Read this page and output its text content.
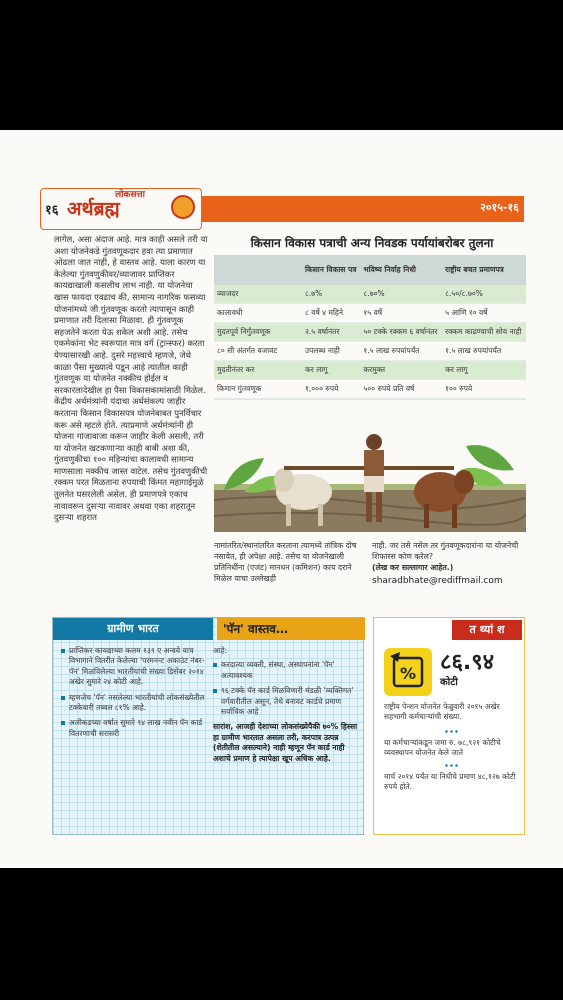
१६
लोकसत्ता
अर्थब्रह्म	२०१५-१६

लागेल, असा अंदाज आहे. मात्र काही असले तरी या अशा योजनेकडे गुंतवणूकदार हवा त्या प्रमाणात ओढला जात नाही, हे वास्तव आहे. याला कारण या केलेल्या गुंतवणुकीवर/व्याजावर प्राप्तिकर कायद्याखाली कसलीच लाभ नाही. या योजनेचा खास फायदा एवढाच की, सामान्य नागरिक फसव्या योजनांमध्ये जी गुंतवणूक करतो त्यापासून काही प्रमाणात तरी दिलासा मिळावा. ही गुंतवणूक सहजतेने करता येऊ शकेल अशी आहे. तसेच एकमेकांना भेट स्वरूपात मात्र वर्ग (ट्रान्स्फर) करता येण्यासारखी आहे. दुसरे महत्त्वाचे म्हणजे, जेथे काळा पैसा मुख्यात्वे पडून आहे त्यातील काही गुंतवणूक या योजनेत नक्कीच होईल व सरकारलादेखील हा पैसा विकासकामांसाठी मिळेल. केंद्रीय अर्थमंत्र्यांनी यंदाचा अर्थसंकल्प जाहीर करताना किसान विकासपत्र योजनेबाबत पुनर्विचार करू असे म्हटले होते. त्याप्रमाणे अर्थमंत्र्यांनी ही योजना गाजावाजा करून जाहीर केली असली, तरी या योजनेत खटकणाऱ्या काही बाबी अशा की, गुंतवणुकीचा १०० महिन्यांचा कालावधी सामान्य माणसाला नक्कीच जास्त वाटेल. तसेच गुंतवणुकीची रक्कम परत मिळताना रुपयाची किंमत महागाईमुळे तुलनेत घसरलेली असेल. ही प्रमाणपत्रे एकाच नावावरून दुसऱ्या नावावर अथवा एका शहरातून दुसऱ्या शहरात

किसान विकास पत्राची अन्य निवडक पर्यायांबरोबर तुलना
	किसान विकास पत्र	भविष्य निर्वाह निधी	राष्ट्रीय बचत प्रमाणपत्र
व्याजदर	८.७%	८.७०%	८.५०/८.७०%
कालावधी	८ वर्षे ४ महिने	१५ वर्षे	५ आणि १० वर्षे
मुदतपूर्व निर्गुंतवणूक	२.५ वर्षानंतर	५० टक्के रक्कम ६ वर्षानंतर	रक्कम काढण्याची सोय नाही
८० सी अंतर्गत वजावट	उपलब्ध नाही	१.५ लाख रुपयांपर्यंत	१.५ लाख रुपयांपर्यंत
मुदतीनंतर कर	कर लागू	करमुक्त	कर लागू
किमान गुंतवणूक	१,००० रुपये	५०० रुपये प्रति वर्ष	१०० रुपये

नामांतरित/स्थानांतरित करताना त्यामध्ये तांत्रिक दोष नसावेत, ही अपेक्षा आहे. तसेच या योजनेखाली प्रतिनिधींना (एजंट) मानधन (कमिशन) काय दराने मिळेल याचा उल्लेखही
नाही. जर तसे नसेल तर गुंतवणूकदारांना या योजनेची शिफारस कोण करेल?
(लेख कर सल्लागार आहेत.)
sharadbhate@rediffmail.com
ग्रामीण भारत	'पॅन' वास्तव…
प्राप्तिकर कायद्याच्या कलम १३९ ए अन्वये याच विभागाने वितरीत केलेल्या 'परमनन्ट अकाउंट नंबर- पॅन' मिळविलेल्या भारतीयांची संख्या डिसेंबर २०१४ अखेर सुमारे २४ कोटी आहे.
म्हणजेच 'पॅन' नसलेल्या भारतीयांची लोकसंख्येतील टक्केवारी तब्बल ८१% आहे.
अलीकडच्या वर्षात सुमारे ९४ लाख नवीन पॅन कार्ड वितरणाची सरासरी
आहे:
करदात्या व्यक्ती, संस्था, अस्थापनांना 'पॅन' अत्यावश्यक
९६ टक्के पॅन कार्ड मिळविणारी मंडळी 'व्यक्तिगत' वर्गवारीतील असून, तेथे बनावट कार्डचे प्रमाण सर्वाधिक आहे
सारांश, आजही देशाच्या लोकसंख्येपैकी ७०% हिस्सा हा ग्रामीण भारतात असला तरी, करपात्र उत्पन्न (शेतीतील असल्याने) नाही म्हणून पॅन कार्ड नाही अशाचे प्रमाण हे त्यापेक्षा खूप अधिक आहे.
त थ्यां श
% ८६.९४
कोटी
राष्ट्रीय पेन्शन योजनेत फेब्रुवारी २०१५ अखेर सहभागी कर्मचाऱ्यांची संख्या.
या कर्मचाऱ्यांकडून जमा रु. ७८,९२१ कोटीचे व्यवस्थापन योजनेत केले जाते
मार्च २०१४ पर्यंत या निधीचे प्रमाण ४८,१२७ कोटी रुपये होते.
